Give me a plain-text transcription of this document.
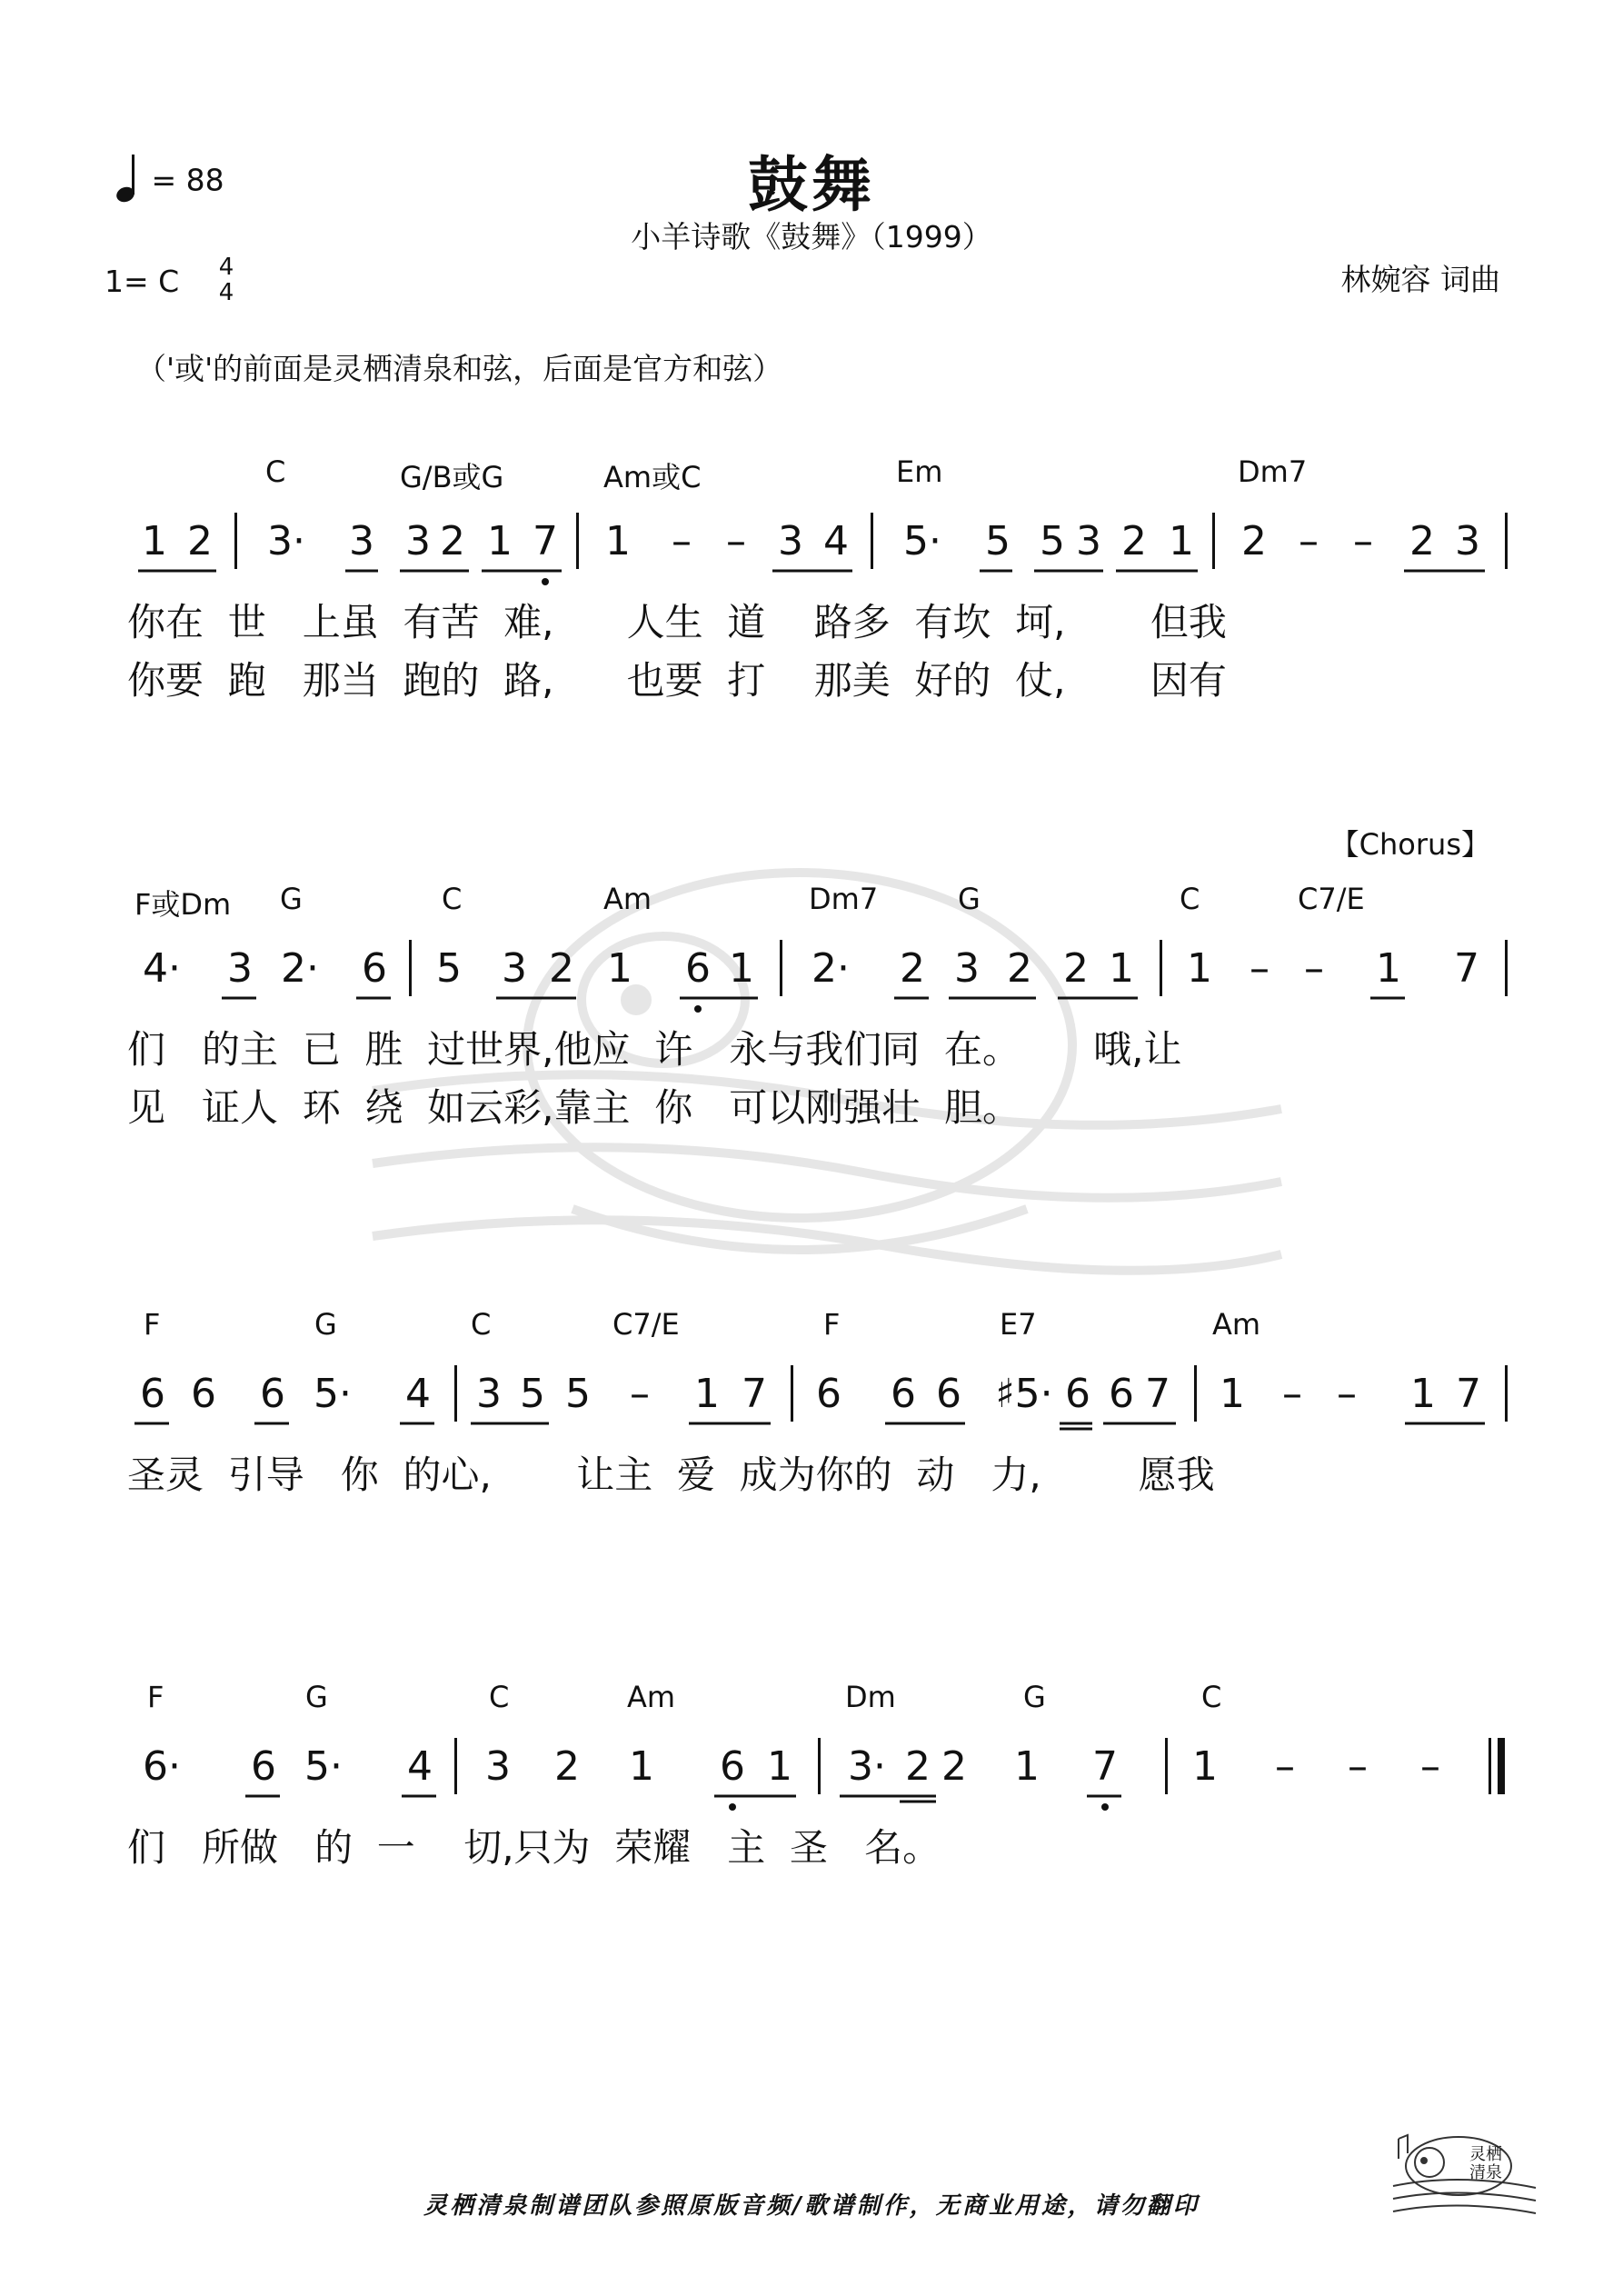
= 88	鼓舞
小羊诗歌《鼓舞》（1999）
1= C 4
4	林婉容 词曲
（'或'的前面是灵栖清泉和弦，后面是官方和弦）
【Chorus】
C	G/B或G	Am或C	Em	Dm7
1 2 3· 3 3 2 1 7 1 – – 3 4 5· 5 5 3 2 1 2 – – 2 3
你在  世   上虽  有苦  难,      人生  道    路多  有坎  坷,       但我
你要  跑   那当  跑的  路,      也要  打    那美  好的  仗,       因有
F或Dm G	C	Am	Dm7	G	C	C7/E
4· 3 2· 6 5 3 2 1 6 1 2· 2 3 2 2 1 1 – – 1 7
们   的主  已  胜  过世界,他应  许   永与我们同  在。      哦,让
见   证人  环  绕  如云彩,靠主  你   可以刚强壮  胆。
F	G	C	C7/E	F	E7	Am
6 6 6 5· 4 3 5 5 – 1 7 6 6 6 ♯5· 6 6 7 1 – – 1 7
圣灵  引导   你  的心,       让主  爱  成为你的  动   力,        愿我
F	G	C	Am	Dm	G	C
6· 6 5· 4 3 2 1 6 1 3· 2 2 1 7 1 – – –
们   所做   的  一    切,只为  荣耀   主  圣   名。
灵栖清泉制谱团队参照原版音频/歌谱制作，无商业用途，请勿翻印
灵栖清泉
